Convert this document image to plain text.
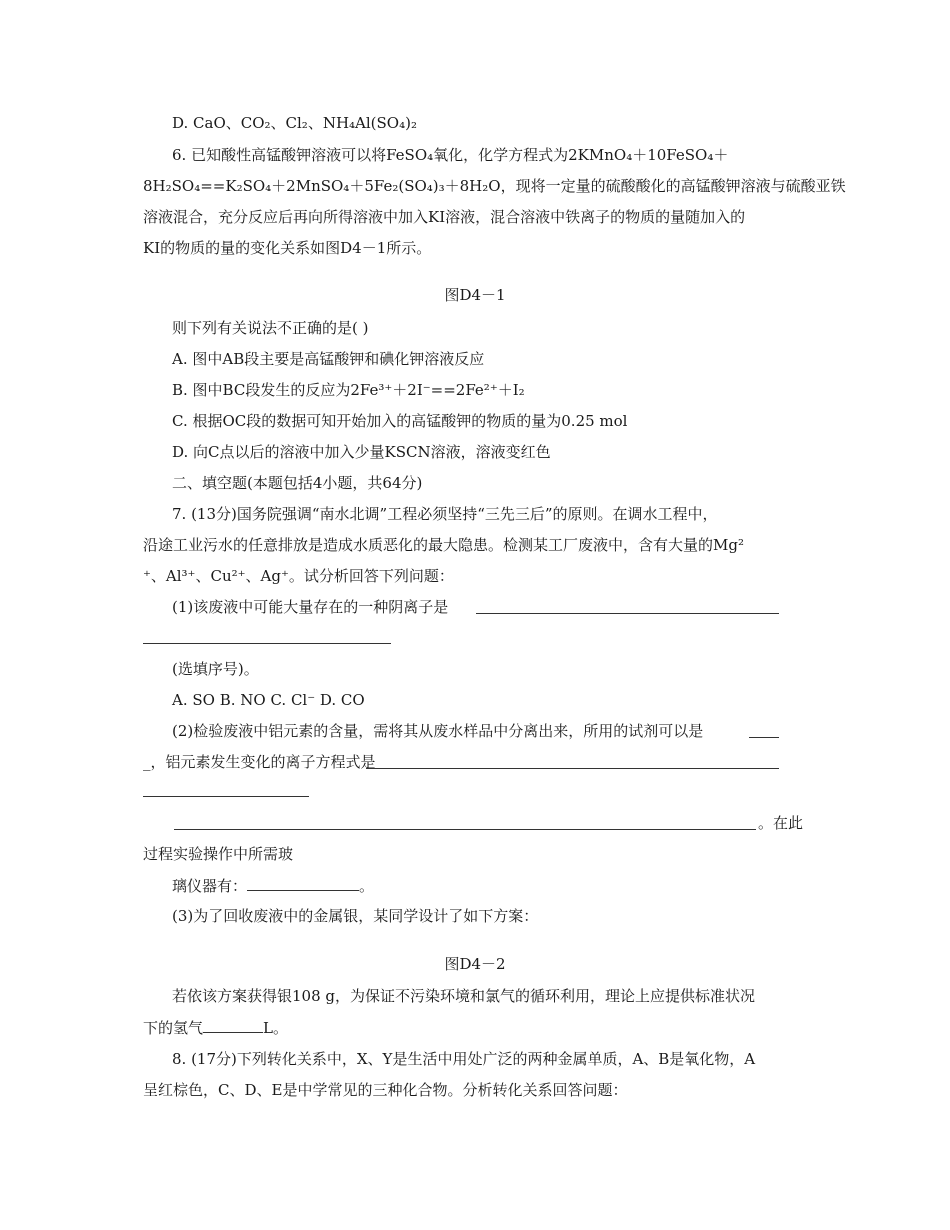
D. CaO、CO₂、Cl₂、NH₄Al(SO₄)₂
6. 已知酸性高锰酸钾溶液可以将FeSO₄氧化，化学方程式为2KMnO₄＋10FeSO₄＋
8H₂SO₄==K₂SO₄＋2MnSO₄＋5Fe₂(SO₄)₃＋8H₂O，现将一定量的硫酸酸化的高锰酸钾溶液与硫酸亚铁
溶液混合，充分反应后再向所得溶液中加入KI溶液，混合溶液中铁离子的物质的量随加入的
KI的物质的量的变化关系如图D4－1所示。
图D4－1
则下列有关说法不正确的是( )
A. 图中AB段主要是高锰酸钾和碘化钾溶液反应
B. 图中BC段发生的反应为2Fe³⁺＋2I⁻==2Fe²⁺＋I₂
C. 根据OC段的数据可知开始加入的高锰酸钾的物质的量为0.25 mol
D. 向C点以后的溶液中加入少量KSCN溶液，溶液变红色
二、填空题(本题包括4小题，共64分)
7. (13分)国务院强调“南水北调”工程必须坚持“三先三后”的原则。在调水工程中，
沿途工业污水的任意排放是造成水质恶化的最大隐患。检测某工厂废液中，含有大量的Mg²
⁺、Al³⁺、Cu²⁺、Ag⁺。试分析回答下列问题：
(1)该废液中可能大量存在的一种阴离子是
(选填序号)。
A. SO B. NO C. Cl⁻ D. CO
(2)检验废液中铝元素的含量，需将其从废水样品中分离出来，所用的试剂可以是
_，铝元素发生变化的离子方程式是
。在此
过程实验操作中所需玻
璃仪器有：	。
(3)为了回收废液中的金属银，某同学设计了如下方案：
图D4－2
若依该方案获得银108 g，为保证不污染环境和氯气的循环利用，理论上应提供标准状况
下的氢气	L。
8. (17分)下列转化关系中，X、Y是生活中用处广泛的两种金属单质，A、B是氧化物，A
呈红棕色，C、D、E是中学常见的三种化合物。分析转化关系回答问题：
